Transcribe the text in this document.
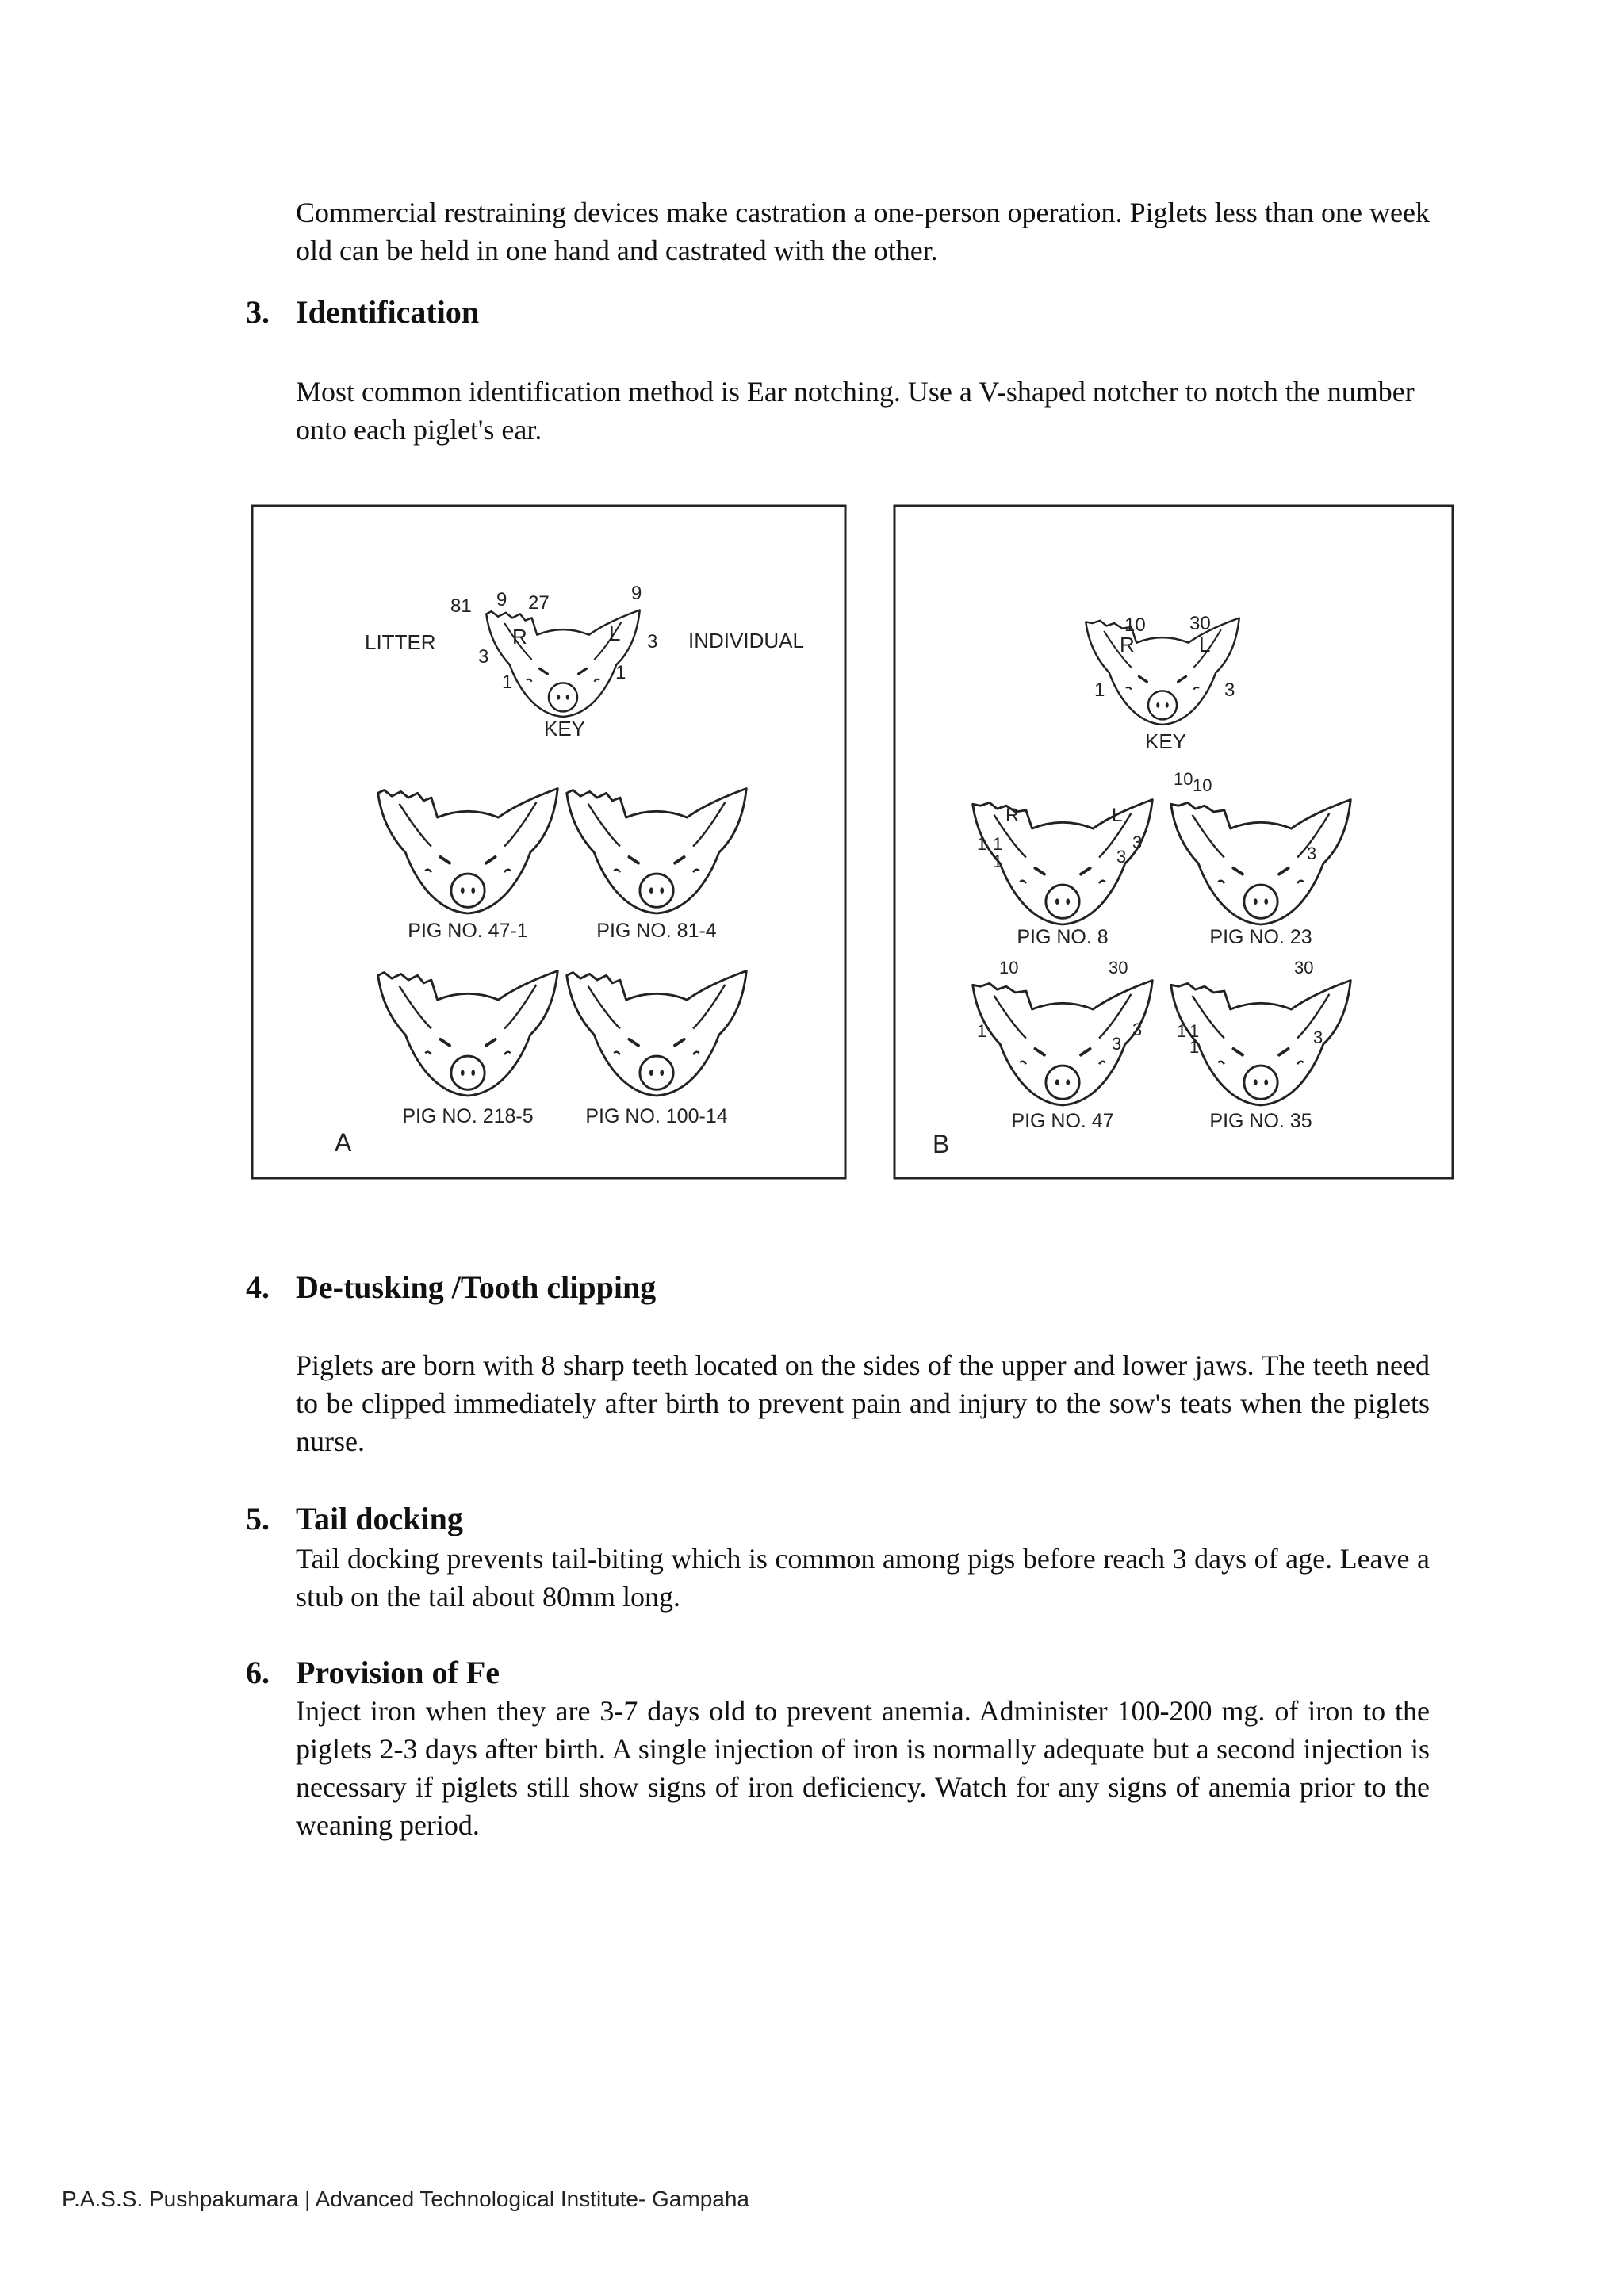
Commercial restraining devices make castration a one-person operation. Piglets less than one week old can be held in one hand and castrated with the other.

3. Identification

Most common identification method is Ear notching. Use a V-shaped notcher to notch the number onto each piglet's ear.

LITTER	INDIVIDUAL
81 9 27	9
3
1
3
1
R	L
KEY
PIG NO. 47-1	PIG NO. 81-4
PIG NO. 218-5	PIG NO. 100-14
A
10 30
R	L
1	3
KEY
R	L
1 1
1
3
3
PIG NO. 8
10 10
3
PIG NO. 23
10	30
1	3
3
PIG NO. 47
30
1 1
1	3
PIG NO. 35
B
4. De-tusking /Tooth clipping

Piglets are born with 8 sharp teeth located on the sides of the upper and lower jaws. The teeth need to be clipped immediately after birth to prevent pain and injury to the sow's teats when the piglets nurse.

5. Tail docking

Tail docking prevents tail-biting which is common among pigs before reach 3 days of age. Leave a stub on the tail about 80mm long.

6. Provision of Fe

Inject iron when they are 3-7 days old to prevent anemia. Administer 100-200 mg. of iron to the piglets 2-3 days after birth. A single injection of iron is normally adequate but a second injection is necessary if piglets still show signs of iron deficiency. Watch for any signs of anemia prior to the weaning period.

P.A.S.S. Pushpakumara | Advanced Technological Institute- Gampaha
